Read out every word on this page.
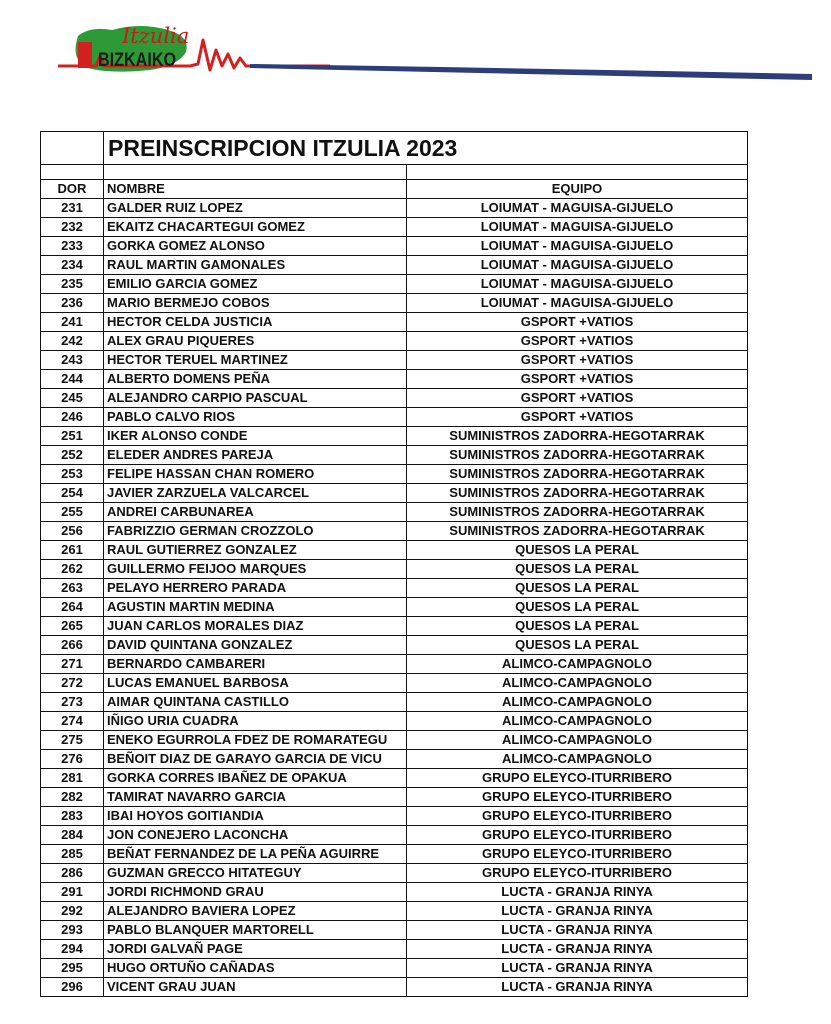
Itzulia
BIZKAIKO
	PREINSCRIPCION ITZULIA 2023	

DOR	NOMBRE	EQUIPO
231	GALDER RUIZ LOPEZ	LOIUMAT - MAGUISA-GIJUELO
232	EKAITZ CHACARTEGUI GOMEZ	LOIUMAT - MAGUISA-GIJUELO
233	GORKA GOMEZ ALONSO	LOIUMAT - MAGUISA-GIJUELO
234	RAUL MARTIN GAMONALES	LOIUMAT - MAGUISA-GIJUELO
235	EMILIO GARCIA GOMEZ	LOIUMAT - MAGUISA-GIJUELO
236	MARIO BERMEJO COBOS	LOIUMAT - MAGUISA-GIJUELO
241	HECTOR CELDA JUSTICIA	GSPORT +VATIOS
242	ALEX GRAU PIQUERES	GSPORT +VATIOS
243	HECTOR TERUEL MARTINEZ	GSPORT +VATIOS
244	ALBERTO DOMENS PEÑA	GSPORT +VATIOS
245	ALEJANDRO CARPIO PASCUAL	GSPORT +VATIOS
246	PABLO CALVO RIOS	GSPORT +VATIOS
251	IKER ALONSO CONDE	SUMINISTROS ZADORRA-HEGOTARRAK
252	ELEDER ANDRES PAREJA	SUMINISTROS ZADORRA-HEGOTARRAK
253	FELIPE HASSAN CHAN ROMERO	SUMINISTROS ZADORRA-HEGOTARRAK
254	JAVIER ZARZUELA VALCARCEL	SUMINISTROS ZADORRA-HEGOTARRAK
255	ANDREI CARBUNAREA	SUMINISTROS ZADORRA-HEGOTARRAK
256	FABRIZZIO GERMAN CROZZOLO	SUMINISTROS ZADORRA-HEGOTARRAK
261	RAUL GUTIERREZ GONZALEZ	QUESOS LA PERAL
262	GUILLERMO FEIJOO MARQUES	QUESOS LA PERAL
263	PELAYO HERRERO PARADA	QUESOS LA PERAL
264	AGUSTIN MARTIN MEDINA	QUESOS LA PERAL
265	JUAN CARLOS MORALES DIAZ	QUESOS LA PERAL
266	DAVID QUINTANA GONZALEZ	QUESOS LA PERAL
271	BERNARDO CAMBARERI	ALIMCO-CAMPAGNOLO
272	LUCAS EMANUEL BARBOSA	ALIMCO-CAMPAGNOLO
273	AIMAR QUINTANA CASTILLO	ALIMCO-CAMPAGNOLO
274	IÑIGO URIA CUADRA	ALIMCO-CAMPAGNOLO
275	ENEKO EGURROLA FDEZ DE ROMARATEGU	ALIMCO-CAMPAGNOLO
276	BEÑOIT DIAZ DE GARAYO GARCIA DE VICU	ALIMCO-CAMPAGNOLO
281	GORKA CORRES IBAÑEZ DE OPAKUA	GRUPO ELEYCO-ITURRIBERO
282	TAMIRAT NAVARRO GARCIA	GRUPO ELEYCO-ITURRIBERO
283	IBAI HOYOS GOITIANDIA	GRUPO ELEYCO-ITURRIBERO
284	JON CONEJERO LACONCHA	GRUPO ELEYCO-ITURRIBERO
285	BEÑAT FERNANDEZ DE LA PEÑA AGUIRRE	GRUPO ELEYCO-ITURRIBERO
286	GUZMAN GRECCO HITATEGUY	GRUPO ELEYCO-ITURRIBERO
291	JORDI RICHMOND GRAU	LUCTA - GRANJA RINYA
292	ALEJANDRO BAVIERA LOPEZ	LUCTA - GRANJA RINYA
293	PABLO BLANQUER MARTORELL	LUCTA - GRANJA RINYA
294	JORDI GALVAÑ PAGE	LUCTA - GRANJA RINYA
295	HUGO ORTUÑO CAÑADAS	LUCTA - GRANJA RINYA
296	VICENT GRAU JUAN	LUCTA - GRANJA RINYA
